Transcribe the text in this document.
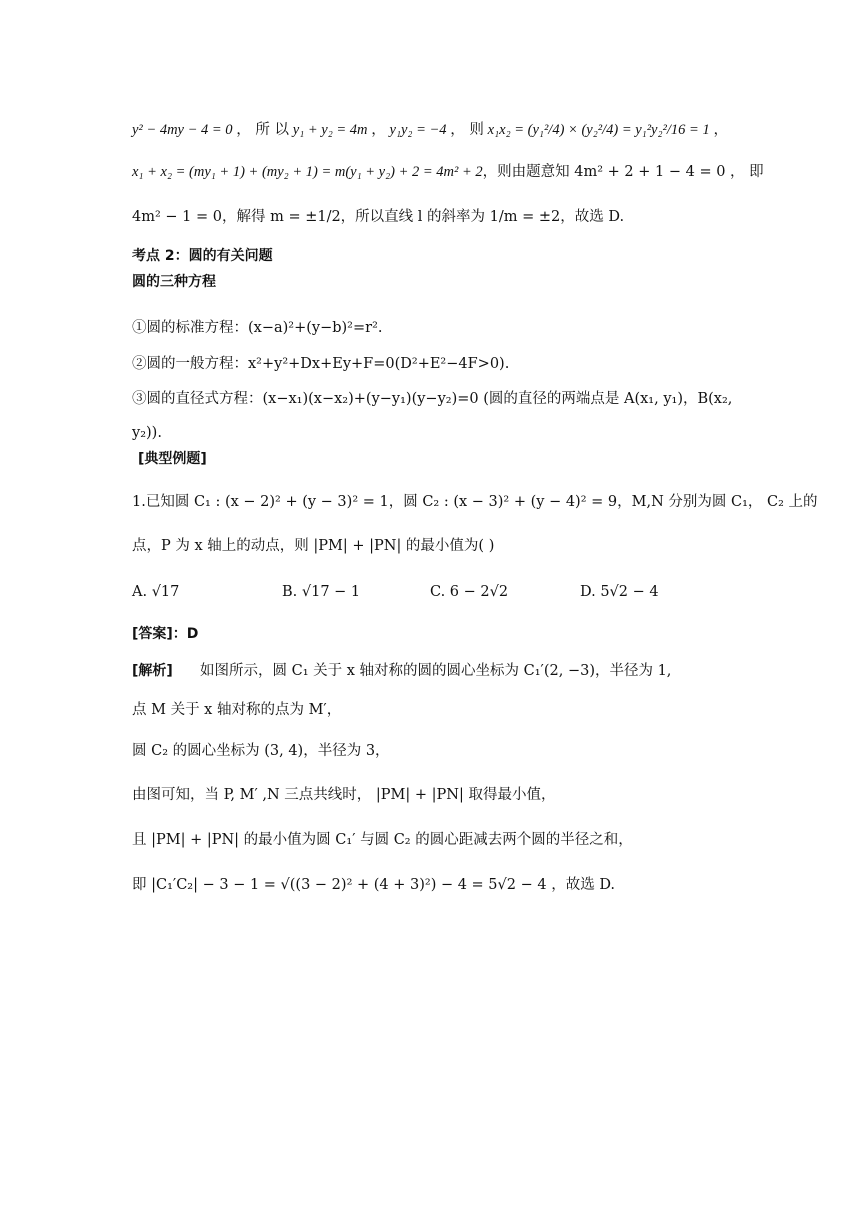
y² − 4my − 4 = 0 ， 所 以 y₁ + y₂ = 4m ， y₁y₂ = −4 ， 则 x₁x₂ = (y₁²/4) × (y₂²/4) = y₁²y₂²/16 = 1 ，
x₁ + x₂ = (my₁ + 1) + (my₂ + 1) = m(y₁ + y₂) + 2 = 4m² + 2 ，则由题意知 4m² + 2 + 1 − 4 = 0 ， 即
4m² − 1 = 0，解得 m = ±1/2，所以直线 l 的斜率为 1/m = ±2，故选 D.
考点 2：圆的有关问题
圆的三种方程
①圆的标准方程：(x−a)²+(y−b)²=r².
②圆的一般方程：x²+y²+Dx+Ey+F=0(D²+E²−4F>0).
③圆的直径式方程：(x−x₁)(x−x₂)+(y−y₁)(y−y₂)=0 (圆的直径的两端点是 A(x₁, y₁)，B(x₂,
y₂)).
[典型例题]
1.已知圆 C₁ : (x − 2)² + (y − 3)² = 1，圆 C₂ : (x − 3)² + (y − 4)² = 9，M,N 分别为圆 C₁， C₂ 上的
点，P 为 x 轴上的动点，则 |PM| + |PN| 的最小值为( )
A. √17	B. √17 − 1	C. 6 − 2√2	D. 5√2 − 4
[答案]：D
[解析] 如图所示，圆 C₁ 关于 x 轴对称的圆的圆心坐标为 C₁′(2, −3)，半径为 1,
点 M 关于 x 轴对称的点为 M′，
圆 C₂ 的圆心坐标为 (3, 4)，半径为 3，
由图可知，当 P, M′ ,N 三点共线时， |PM| + |PN| 取得最小值，
且 |PM| + |PN| 的最小值为圆 C₁′ 与圆 C₂ 的圆心距减去两个圆的半径之和，
即 |C₁′C₂| − 3 − 1 = √((3 − 2)² + (4 + 3)²) − 4 = 5√2 − 4 ，故选 D.
